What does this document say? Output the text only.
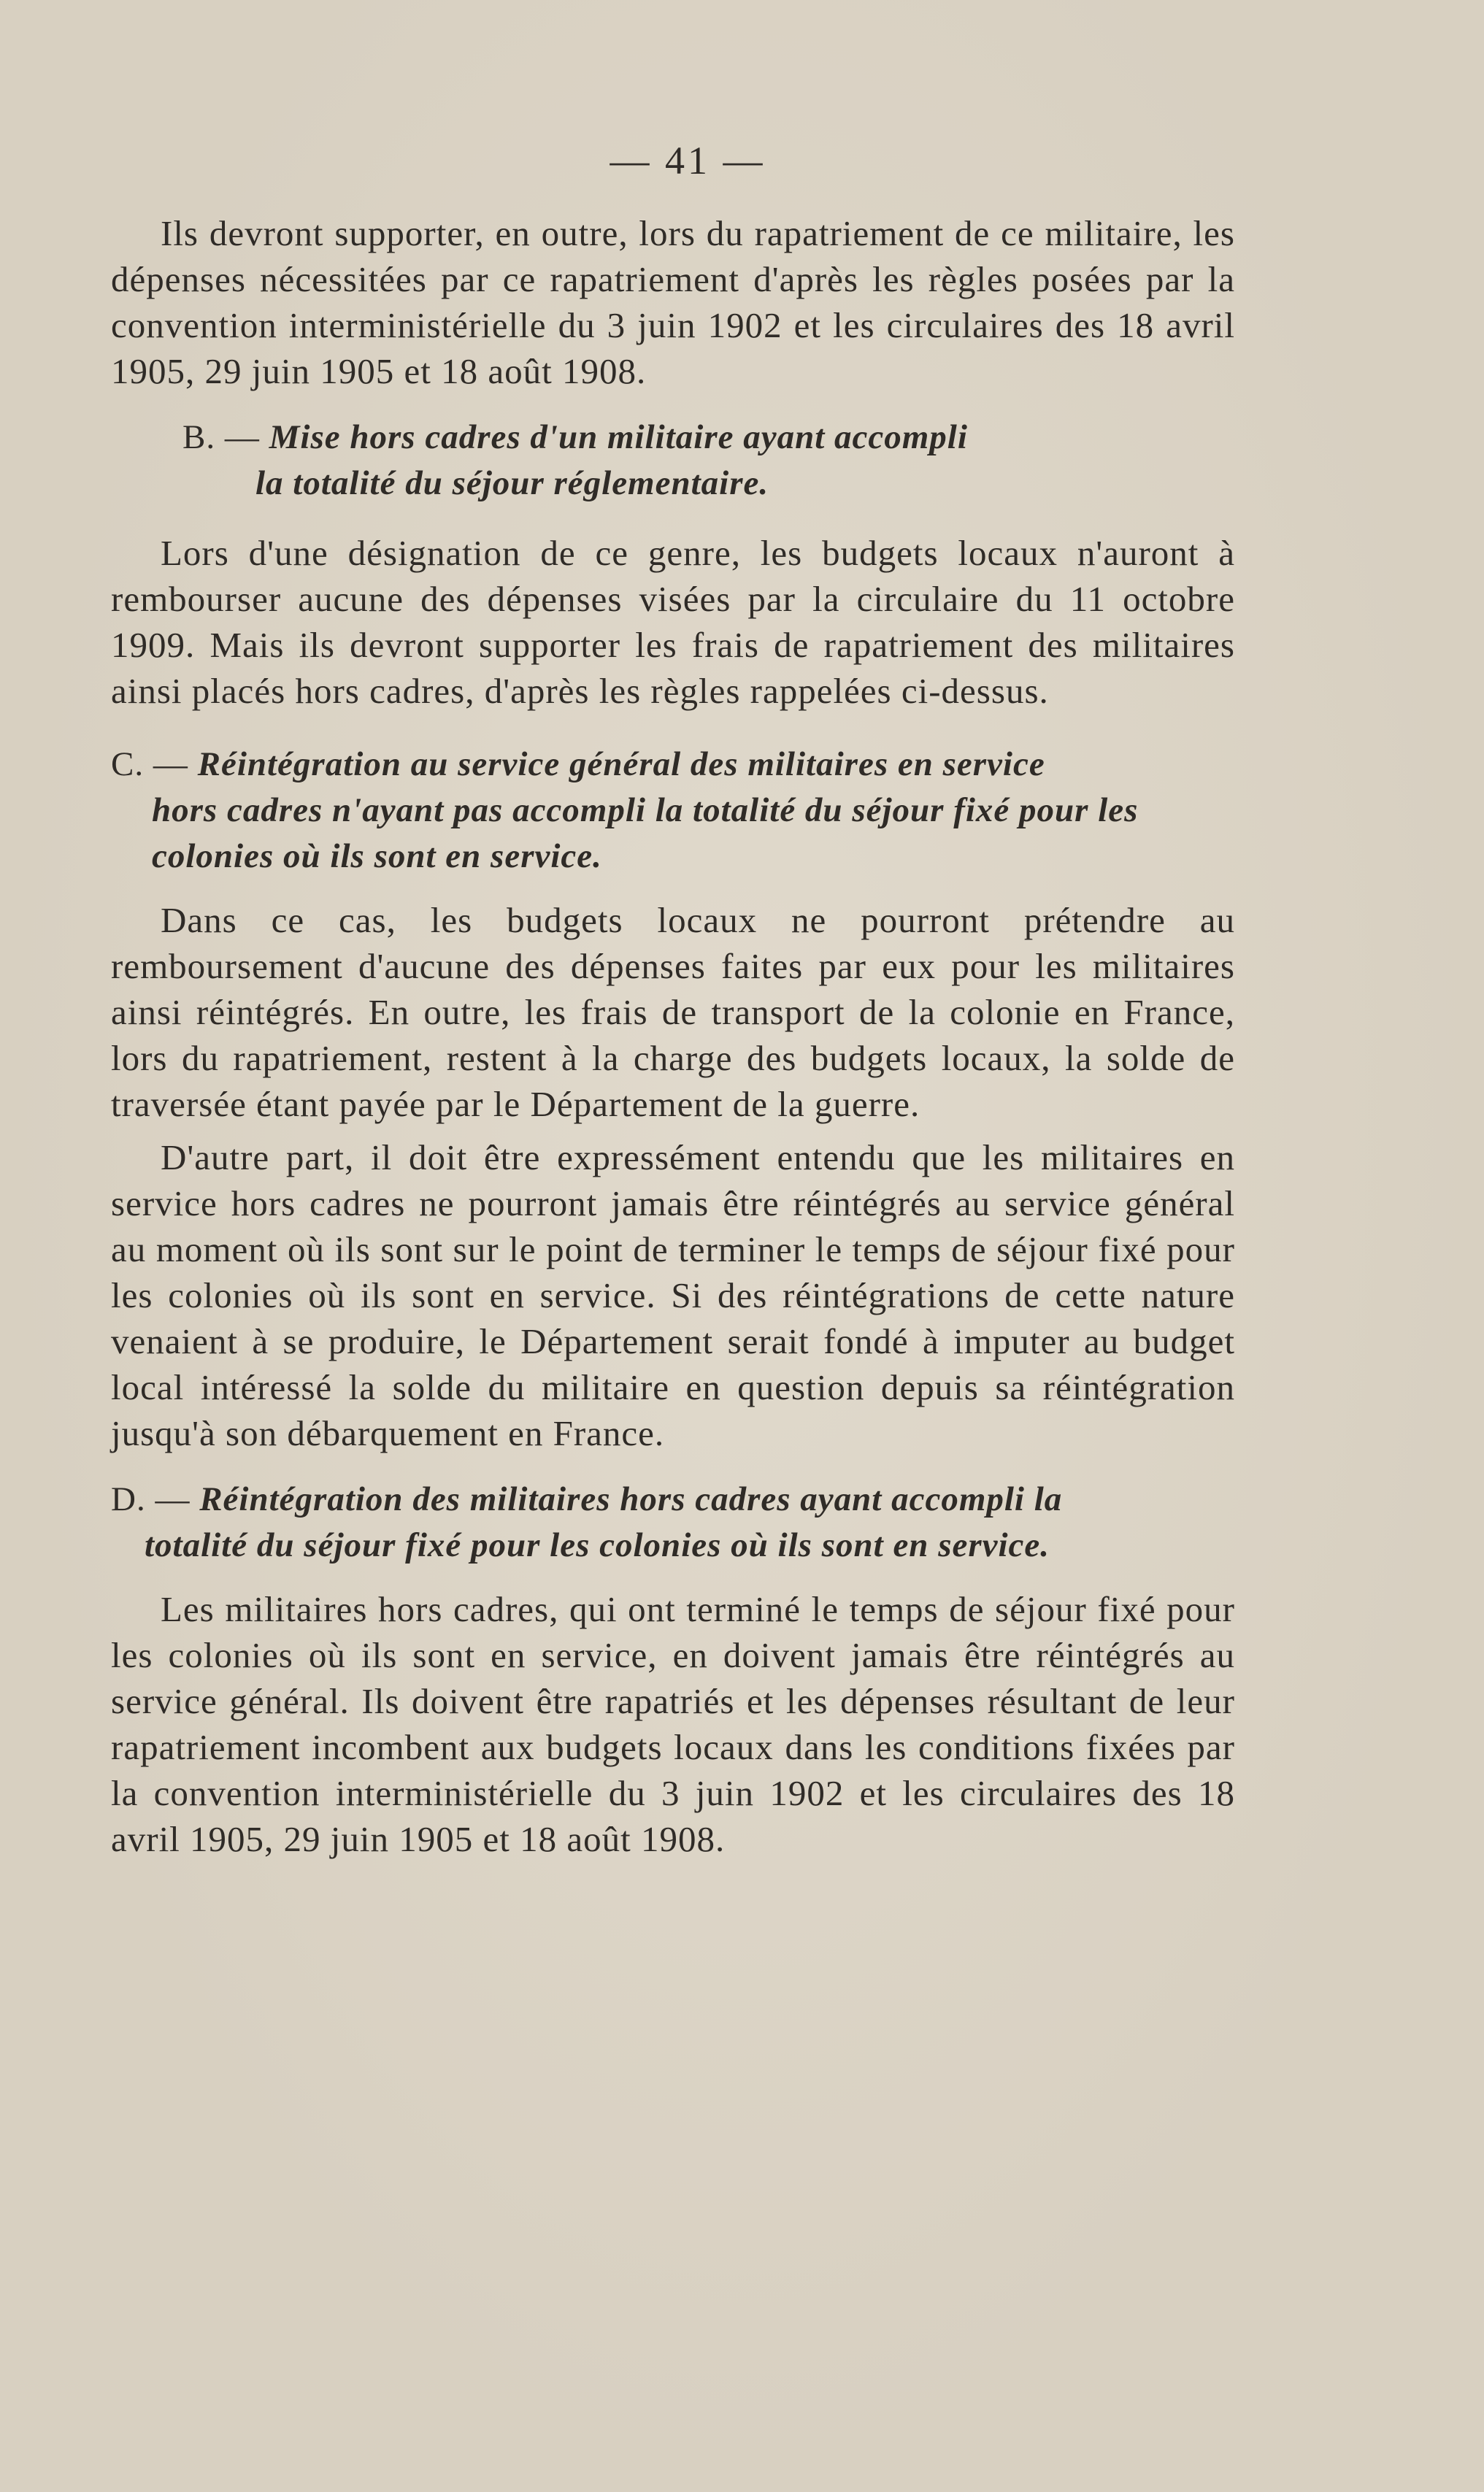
— 41 —

Ils devront supporter, en outre, lors du rapatriement de ce militaire, les dépenses nécessitées par ce rapatriement d'après les règles posées par la convention interministérielle du 3 juin 1902 et les circulaires des 18 avril 1905, 29 juin 1905 et 18 août 1908.

B. — Mise hors cadres d'un militaire ayant accompli
la totalité du séjour réglementaire.

Lors d'une désignation de ce genre, les budgets locaux n'auront à rembourser aucune des dépenses visées par la circulaire du 11 octobre 1909. Mais ils devront supporter les frais de rapatriement des militaires ainsi placés hors cadres, d'après les règles rappelées ci-dessus.

C. — Réintégration au service général des militaires en service
hors cadres n'ayant pas accompli la totalité du séjour fixé pour les colonies où ils sont en service.

Dans ce cas, les budgets locaux ne pourront prétendre au remboursement d'aucune des dépenses faites par eux pour les militaires ainsi réintégrés. En outre, les frais de transport de la colonie en France, lors du rapatriement, restent à la charge des budgets locaux, la solde de traversée étant payée par le Département de la guerre.

D'autre part, il doit être expressément entendu que les militaires en service hors cadres ne pourront jamais être réintégrés au service général au moment où ils sont sur le point de terminer le temps de séjour fixé pour les colonies où ils sont en service. Si des réintégrations de cette nature venaient à se produire, le Département serait fondé à imputer au budget local intéressé la solde du militaire en question depuis sa réintégration jusqu'à son débarquement en France.

D. — Réintégration des militaires hors cadres ayant accompli la
totalité du séjour fixé pour les colonies où ils sont en service.

Les militaires hors cadres, qui ont terminé le temps de séjour fixé pour les colonies où ils sont en service, en doivent jamais être réintégrés au service général. Ils doivent être rapatriés et les dépenses résultant de leur rapatriement incombent aux budgets locaux dans les conditions fixées par la convention interministérielle du 3 juin 1902 et les circulaires des 18 avril 1905, 29 juin 1905 et 18 août 1908.
